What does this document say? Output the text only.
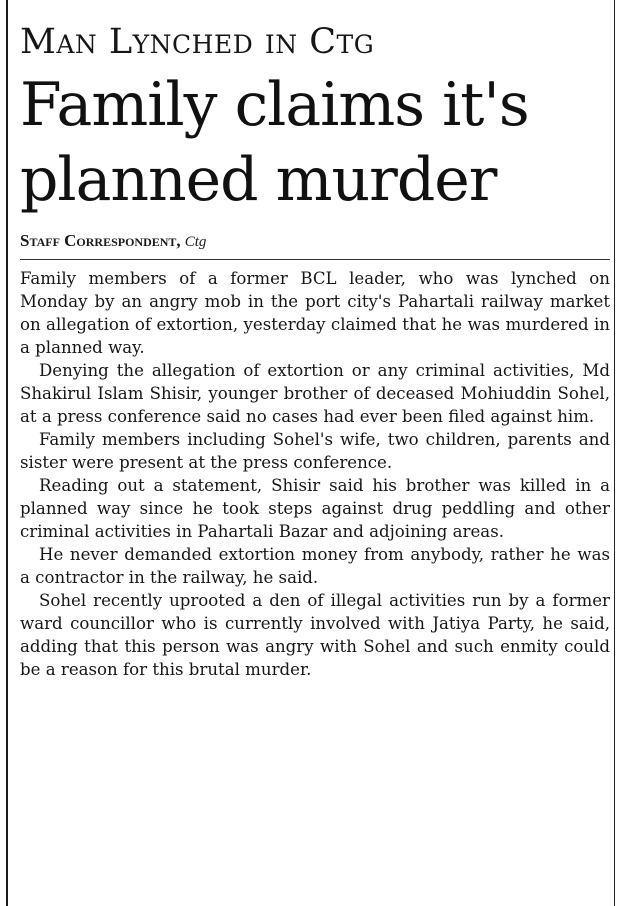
Man Lynched in Ctg
Family claims it's
planned murder
Staff Correspondent, Ctg

Family members of a former BCL leader, who was lynched on Monday by an angry mob in the port city's Pahartali railway market on allegation of extortion, yesterday claimed that he was murdered in a planned way.

Denying the allegation of extortion or any criminal activities, Md Shakirul Islam Shisir, younger brother of deceased Mohiuddin Sohel, at a press conference said no cases had ever been filed against him.

Family members including Sohel's wife, two children, parents and sister were present at the press conference.

Reading out a statement, Shisir said his brother was killed in a planned way since he took steps against drug peddling and other criminal activities in Pahartali Bazar and adjoining areas.

He never demanded extortion money from anybody, rather he was a contractor in the railway, he said.

Sohel recently uprooted a den of illegal activities run by a former ward councillor who is currently involved with Jatiya Party, he said, adding that this person was angry with Sohel and such enmity could be a reason for this brutal murder.
